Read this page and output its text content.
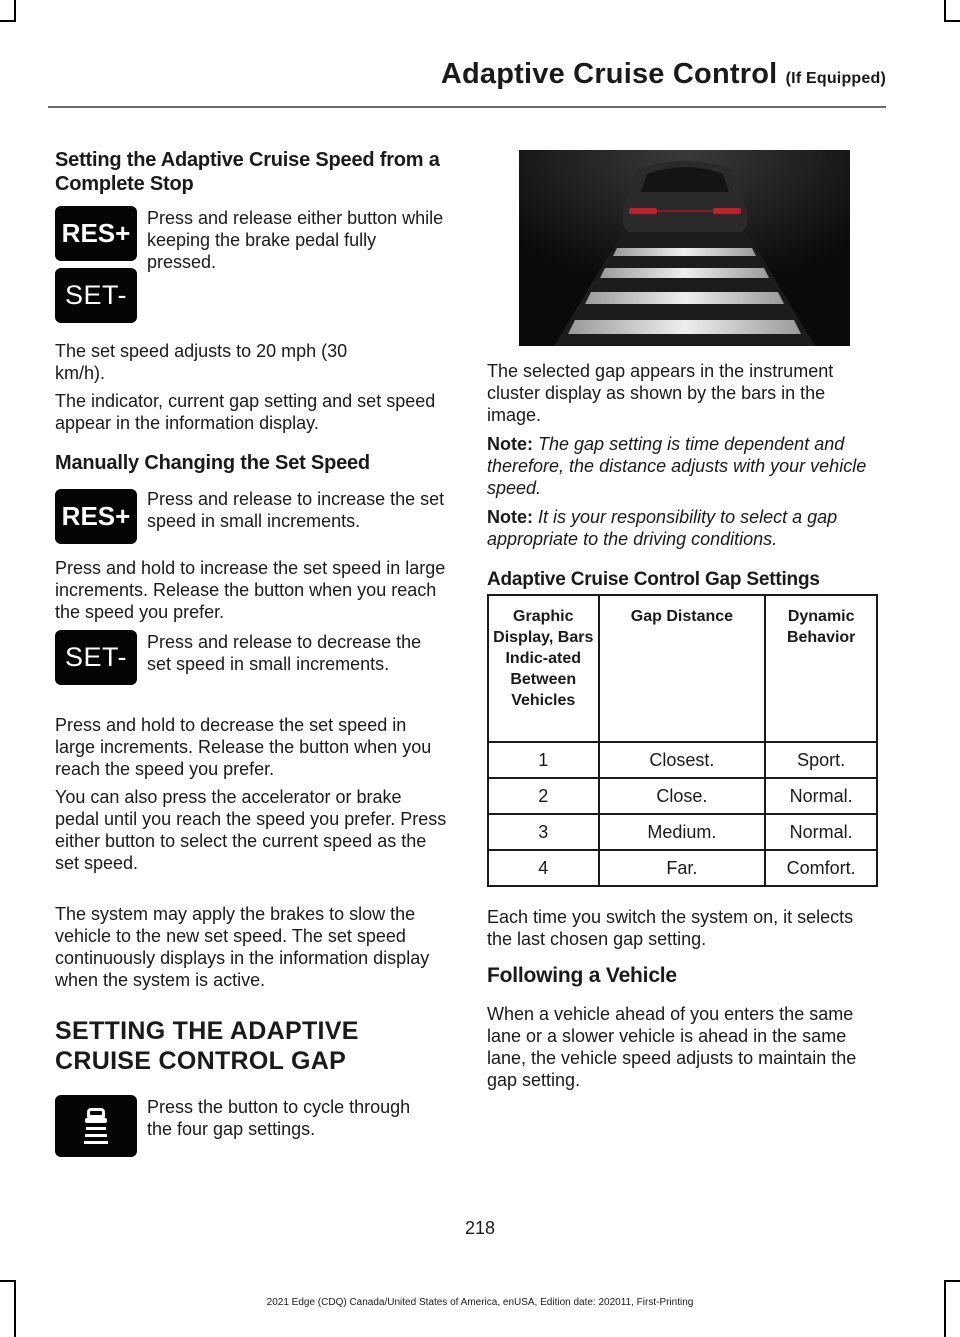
Adaptive Cruise Control (If Equipped)
Setting the Adaptive Cruise Speed from a Complete Stop
RES+
SET-
Press and release either button while keeping the brake pedal fully pressed.
The set speed adjusts to 20 mph (30 km/h).
The indicator, current gap setting and set speed appear in the information display.
Manually Changing the Set Speed
RES+
Press and release to increase the set speed in small increments.
Press and hold to increase the set speed in large increments. Release the button when you reach the speed you prefer.
SET-	Press and release to decrease the set speed in small increments.
Press and hold to decrease the set speed in large increments. Release the button when you reach the speed you prefer.
You can also press the accelerator or brake pedal until you reach the speed you prefer. Press either button to select the current speed as the set speed.
The system may apply the brakes to slow the vehicle to the new set speed. The set speed continuously displays in the information display when the system is active.
SETTING THE ADAPTIVE
CRUISE CONTROL GAP
Press the button to cycle through the four gap settings.
The selected gap appears in the instrument cluster display as shown by the bars in the image.
Note: The gap setting is time dependent and therefore, the distance adjusts with your vehicle speed.
Note: It is your responsibility to select a gap appropriate to the driving conditions.
Adaptive Cruise Control Gap Settings
Graphic Display, Bars Indic-ated Between Vehicles	Gap Distance	Dynamic Behavior
1	Closest.	Sport.
2	Close.	Normal.
3	Medium.	Normal.
4	Far.	Comfort.
Each time you switch the system on, it selects the last chosen gap setting.
Following a Vehicle
When a vehicle ahead of you enters the same lane or a slower vehicle is ahead in the same lane, the vehicle speed adjusts to maintain the gap setting.
218
2021 Edge (CDQ) Canada/United States of America, enUSA, Edition date: 202011, First-Printing
